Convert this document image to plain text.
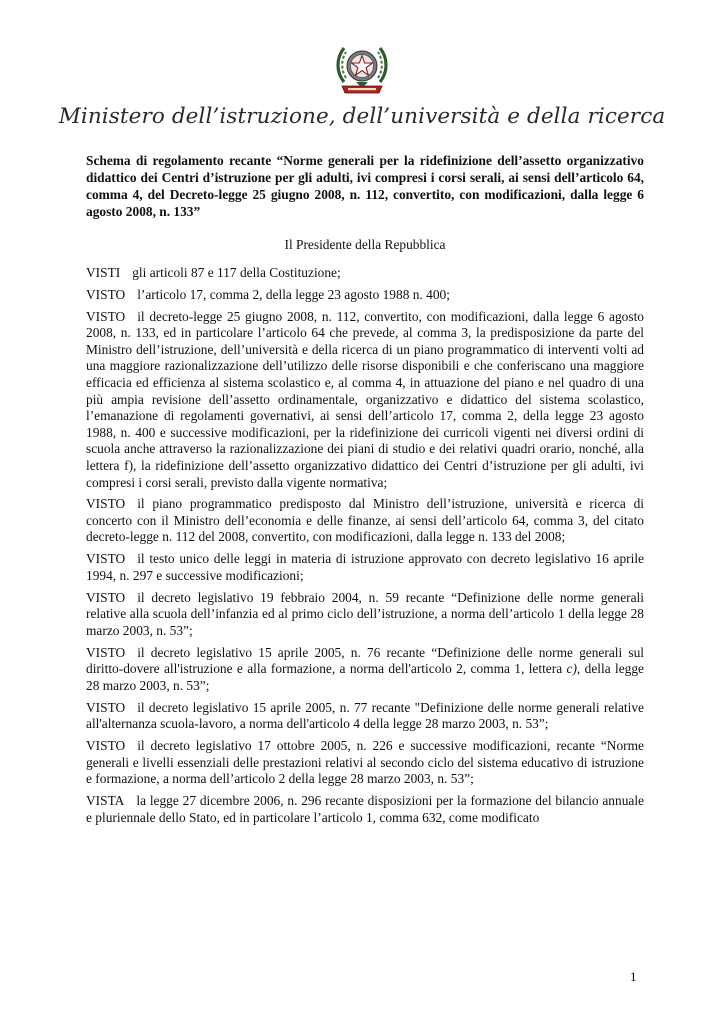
Ministero dell’istruzione, dell’università e della ricerca

Schema di regolamento recante “Norme generali per la ridefinizione dell’assetto organizzativo didattico dei Centri d’istruzione per gli adulti, ivi compresi i corsi serali, ai sensi dell’articolo 64, comma 4, del Decreto-legge 25 giugno 2008, n. 112, convertito, con modificazioni, dalla legge 6 agosto 2008, n. 133”

Il Presidente della Repubblica

VISTI gli articoli 87 e 117 della Costituzione;

VISTO l’articolo 17, comma 2, della legge 23 agosto 1988 n. 400;

VISTO il decreto-legge 25 giugno 2008, n. 112, convertito, con modificazioni, dalla legge 6 agosto 2008, n. 133, ed in particolare l’articolo 64 che prevede, al comma 3, la predisposizione da parte del Ministro dell’istruzione, dell’università e della ricerca di un piano programmatico di interventi volti ad una maggiore razionalizzazione dell’utilizzo delle risorse disponibili e che conferiscano una maggiore efficacia ed efficienza al sistema scolastico e, al comma 4, in attuazione del piano e nel quadro di una più ampia revisione dell’assetto ordinamentale, organizzativo e didattico del sistema scolastico, l’emanazione di regolamenti governativi, ai sensi dell’articolo 17, comma 2, della legge 23 agosto 1988, n. 400 e successive modificazioni, per la ridefinizione dei curricoli vigenti nei diversi ordini di scuola anche attraverso la razionalizzazione dei piani di studio e dei relativi quadri orario, nonché, alla lettera f), la ridefinizione dell’assetto organizzativo didattico dei Centri d’istruzione per gli adulti, ivi compresi i corsi serali, previsto dalla vigente normativa;

VISTO il piano programmatico predisposto dal Ministro dell’istruzione, università e ricerca di concerto con il Ministro dell’economia e delle finanze, ai sensi dell’articolo 64, comma 3, del citato decreto-legge n. 112 del 2008, convertito, con modificazioni, dalla legge n. 133 del 2008;

VISTO il testo unico delle leggi in materia di istruzione approvato con decreto legislativo 16 aprile 1994, n. 297 e successive modificazioni;

VISTO il decreto legislativo 19 febbraio 2004, n. 59 recante “Definizione delle norme generali relative alla scuola dell’infanzia ed al primo ciclo dell’istruzione, a norma dell’articolo 1 della legge 28 marzo 2003, n. 53”;

VISTO il decreto legislativo 15 aprile 2005, n. 76 recante “Definizione delle norme generali sul diritto-dovere all'istruzione e alla formazione, a norma dell'articolo 2, comma 1, lettera c), della legge 28 marzo 2003, n. 53”;

VISTO il decreto legislativo 15 aprile 2005, n. 77 recante "Definizione delle norme generali relative all'alternanza scuola-lavoro, a norma dell'articolo 4 della legge 28 marzo 2003, n. 53”;

VISTO il decreto legislativo 17 ottobre 2005, n. 226 e successive modificazioni, recante “Norme generali e livelli essenziali delle prestazioni relativi al secondo ciclo del sistema educativo di istruzione e formazione, a norma dell’articolo 2 della legge 28 marzo 2003, n. 53”;

VISTA la legge 27 dicembre 2006, n. 296 recante disposizioni per la formazione del bilancio annuale e pluriennale dello Stato, ed in particolare l’articolo 1, comma 632, come modificato

1
